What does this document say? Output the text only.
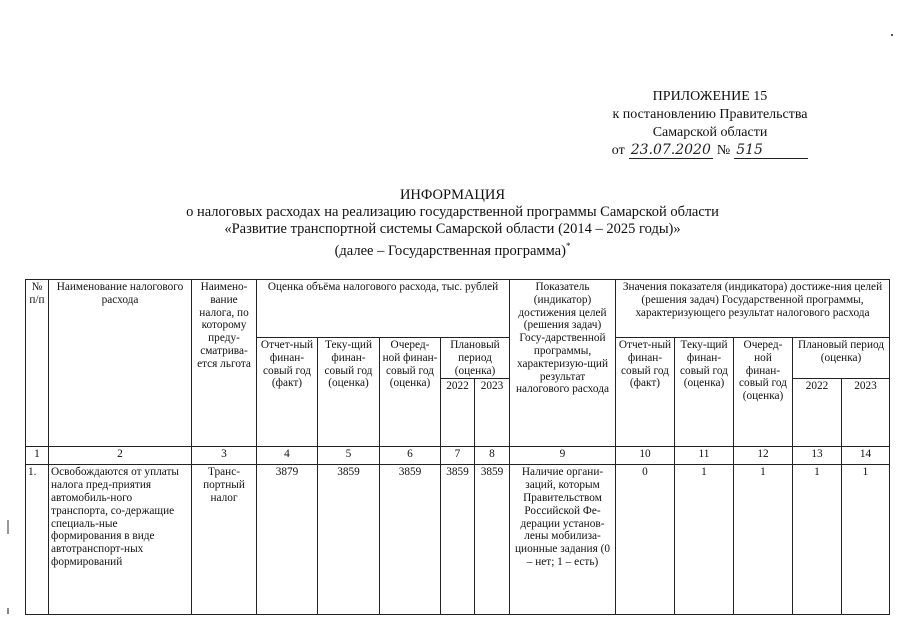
ПРИЛОЖЕНИЕ 15
к постановлению Правительства
Самарской области
от 23.07.2020 № 515
ИНФОРМАЦИЯ
о налоговых расходах на реализацию государственной программы Самарской области
«Развитие транспортной системы Самарской области (2014 – 2025 годы)»
(далее – Государственная программа)*
№ п/п	Наименование налогового расхода	Наимено-вание налога, по которому преду-сматрива-ется льгота	Оценка объёма налогового расхода, тыс. рублей					Показатель (индикатор) достижения целей (решения задач) Госу-дарственной программы, характеризую-щий результат налогового расхода	Значения показателя (индикатора) достиже-ния целей (решения задач) Государственной программы, характеризующего результат налогового расхода				
			Отчет-ный финан-совый год (факт)	Теку-щий финан-совый год (оценка)	Очеред-ной финан-совый год (оценка)	Плановый период (оценка)			Отчет-ный финан-совый год (факт)	Теку-щий финан-совый год (оценка)	Очеред-ной финан-совый год (оценка)	Плановый период (оценка)	
						2022	2023					2022	2023
1	2	3	4	5	6	7	8	9	10	11	12	13	14
1.	Освобождаются от уплаты налога пред-приятия автомобиль-ного транспорта, со-держащие специаль-ные формирования в виде автотранспорт-ных формирований	Транс-портный налог	3879	3859	3859	3859	3859	Наличие органи-заций, которым Правительством Российской Фе-дерации установ-лены мобилиза-ционные задания (0 – нет; 1 – есть)	0	1	1	1	1
